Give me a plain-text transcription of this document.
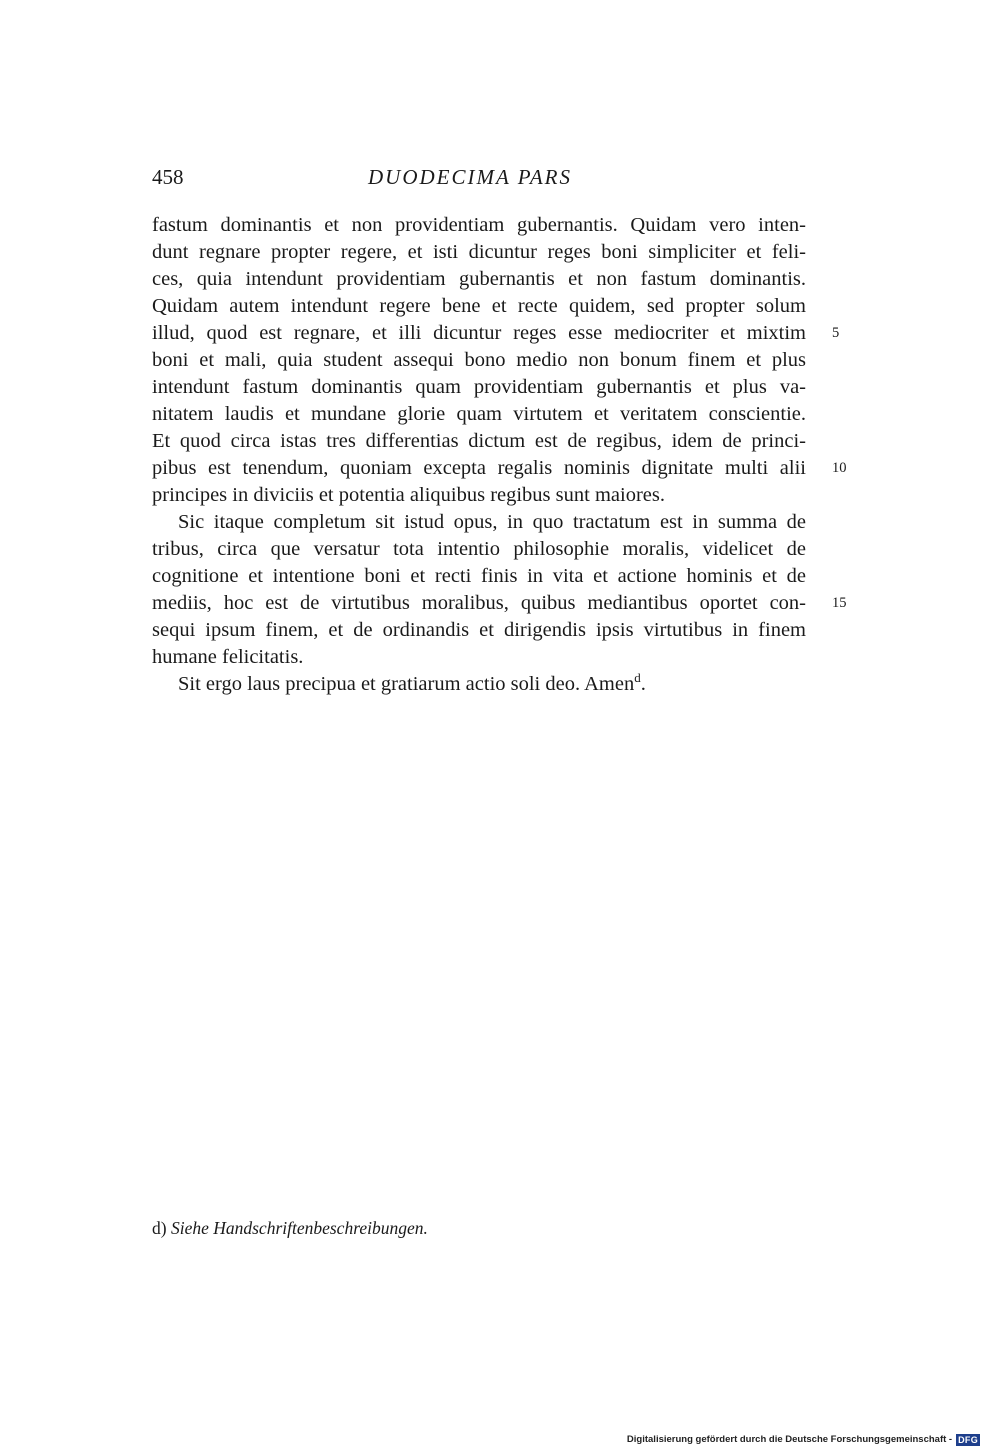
458	DUODECIMA PARS
fastum dominantis et non providentiam gubernantis. Quidam vero inten-
dunt regnare propter regere, et isti dicuntur reges boni simpliciter et feli-
ces, quia intendunt providentiam gubernantis et non fastum dominantis.
Quidam autem intendunt regere bene et recte quidem, sed propter solum
illud, quod est regnare, et illi dicuntur reges esse mediocriter et mixtim
boni et mali, quia student assequi bono medio non bonum finem et plus
intendunt fastum dominantis quam providentiam gubernantis et plus va-
nitatem laudis et mundane glorie quam virtutem et veritatem conscientie.
Et quod circa istas tres differentias dictum est de regibus, idem de princi-
pibus est tenendum, quoniam excepta regalis nominis dignitate multi alii
principes in diviciis et potentia aliquibus regibus sunt maiores.
Sic itaque completum sit istud opus, in quo tractatum est in summa de
tribus, circa que versatur tota intentio philosophie moralis, videlicet de
cognitione et intentione boni et recti finis in vita et actione hominis et de
mediis, hoc est de virtutibus moralibus, quibus mediantibus oportet con-
sequi ipsum finem, et de ordinandis et dirigendis ipsis virtutibus in finem
humane felicitatis.
Sit ergo laus precipua et gratiarum actio soli deo. Amen$^d$.
5
10
15
d) Siehe Handschriftenbeschreibungen.
Digitalisierung gefördert durch die Deutsche Forschungsgemeinschaft - DFG
